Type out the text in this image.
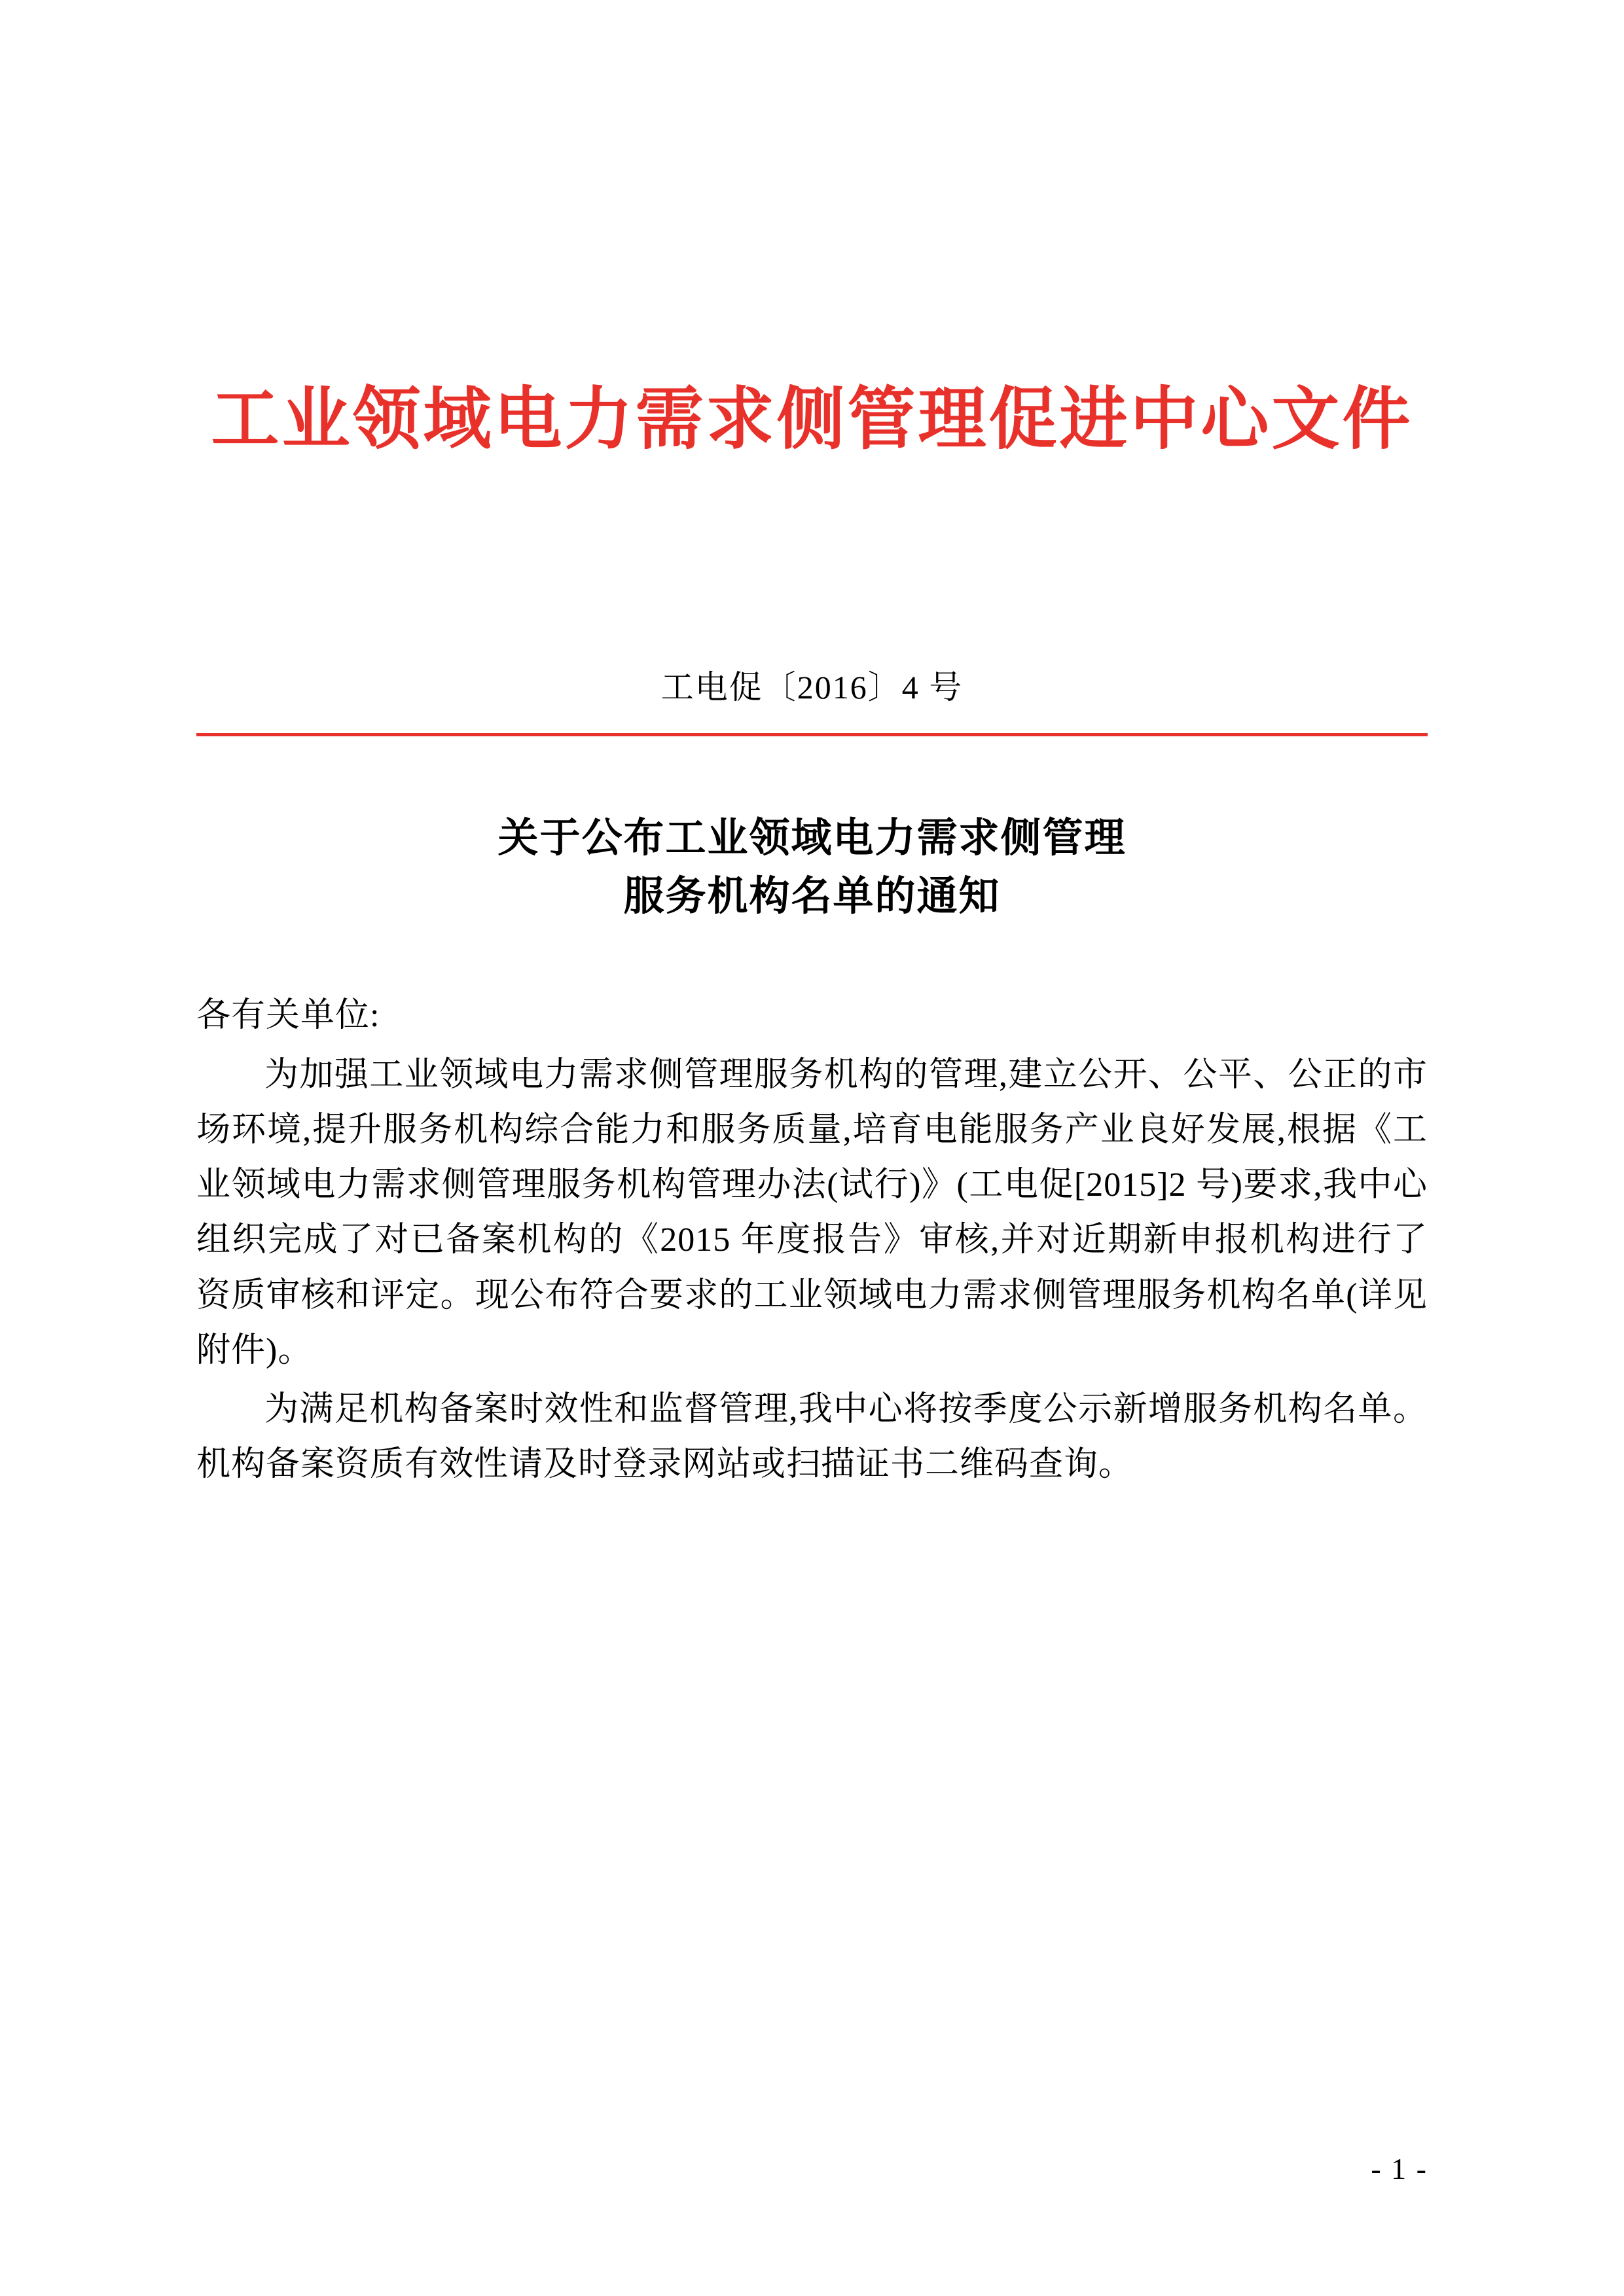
工业领域电力需求侧管理促进中心文件
工电促〔2016〕4 号
关于公布工业领域电力需求侧管理
服务机构名单的通知

各有关单位:

为加强工业领域电力需求侧管理服务机构的管理,建立公开、公平、公正的市场环境,提升服务机构综合能力和服务质量,培育电能服务产业良好发展,根据《工业领域电力需求侧管理服务机构管理办法(试行)》(工电促[2015]2 号)要求,我中心组织完成了对已备案机构的《2015 年度报告》审核,并对近期新申报机构进行了资质审核和评定。现公布符合要求的工业领域电力需求侧管理服务机构名单(详见附件)。

为满足机构备案时效性和监督管理,我中心将按季度公示新增服务机构名单。机构备案资质有效性请及时登录网站或扫描证书二维码查询。

- 1 -
